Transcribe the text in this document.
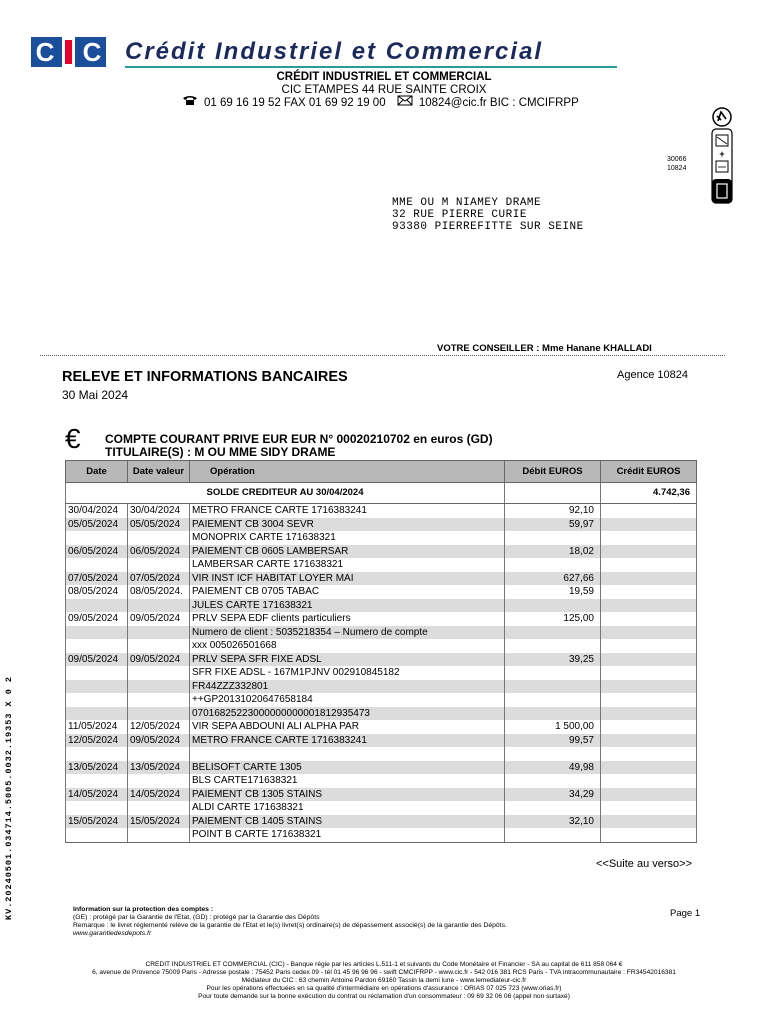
C C Crédit Industriel et Commercial
CRÉDIT INDUSTRIEL ET COMMERCIAL
CIC ETAMPES 44 RUE SAINTE CROIX
01 69 16 19 52 FAX 01 69 92 19 00	10824@cic.fr BIC : CMCIFRPP
+
30066
10824
MME OU M NIAMEY DRAME
32 RUE PIERRE CURIE
93380 PIERREFITTE SUR SEINE
VOTRE CONSEILLER : Mme Hanane KHALLADI
RELEVE ET INFORMATIONS BANCAIRES
30 Mai 2024
Agence 10824
€ COMPTE COURANT PRIVE EUR EUR N° 00020210702 en euros (GD)
TITULAIRE(S) : M OU MME SIDY DRAME
Date	Date valeur	Opération	Débit EUROS	Crédit EUROS
SOLDE CREDITEUR AU 30/04/2024				4.742,36
30/04/2024	30/04/2024	METRO FRANCE CARTE 1716383241	92,10	
05/05/2024	05/05/2024	PAIEMENT CB 3004 SEVR	59,97	
		MONOPRIX CARTE 171638321		
06/05/2024	06/05/2024	PAIEMENT CB 0605 LAMBERSAR	18,02	
		LAMBERSAR CARTE 171638321		
07/05/2024	07/05/2024	VIR INST ICF HABITAT LOYER MAI	627,66	
08/05/2024	08/05/2024.	PAIEMENT CB 0705 TABAC	19,59	
		JULES CARTE 171638321		
09/05/2024	09/05/2024	PRLV SEPA EDF clients particuliers	125,00	
		Numero de client : 5035218354 – Numero de compte		
		xxx 005026501668		
09/05/2024	09/05/2024	PRLV SEPA SFR FIXE ADSL	39,25	
		SFR FIXE ADSL - 167M1PJNV 002910845182		
		FR44ZZZ332801		
		++GP20131020647658184		
		07016825223000000000001812935473		
11/05/2024	12/05/2024	VIR SEPA ABDOUNI ALI ALPHA PAR	1 500,00	
12/05/2024	09/05/2024	METRO FRANCE CARTE 1716383241	99,57	

13/05/2024	13/05/2024	BELISOFT CARTE 1305	49,98	
		BLS CARTE171638321		
14/05/2024	14/05/2024	PAIEMENT CB 1305 STAINS	34,29	
		ALDI CARTE 171638321		
15/05/2024	15/05/2024	PAIEMENT CB 1405 STAINS	32,10	
		POINT B CARTE 171638321		
<<Suite au verso>>
KV.20240501.034714.5005.0032.19353 X 0 2	Information sur la protection des comptes :
(GE) : protégé par la Garantie de l'Etat, (GD) : protégé par la Garantie des Dépôts
Remarque : le livret réglementé relève de la garantie de l'Etat et le(s) livret(s) ordinaire(s) de dépassement associé(s) de la garantie des Dépôts.
www.garantiedesdepots.fr
Page 1
CREDIT INDUSTRIEL ET COMMERCIAL (CIC) - Banque régie par les articles L.511-1 et suivants du Code Monétaire et Financier - SA au capital de 611 858 064 €
6, avenue de Provence 75009 Paris - Adresse postale : 75452 Paris cedex 09 - tél 01 45 96 96 96 - swift CMCIFRPP - www.cic.fr - 542 016 381 RCS Paris - TVA intracommunautaire : FR34542016381
Médiateur du CIC : 63 chemin Antoine Pardon 69160 Tassin la demi lune - www.lemediateur-cic.fr
Pour les opérations effectuées en sa qualité d'intermédiaire en opérations d'assurance : ORIAS 07 025 723 (www.orias.fr)
Pour toute demande sur la bonne exécution du contrat ou réclamation d'un consommateur : 09 69 32 06 06 (appel non surtaxé)
